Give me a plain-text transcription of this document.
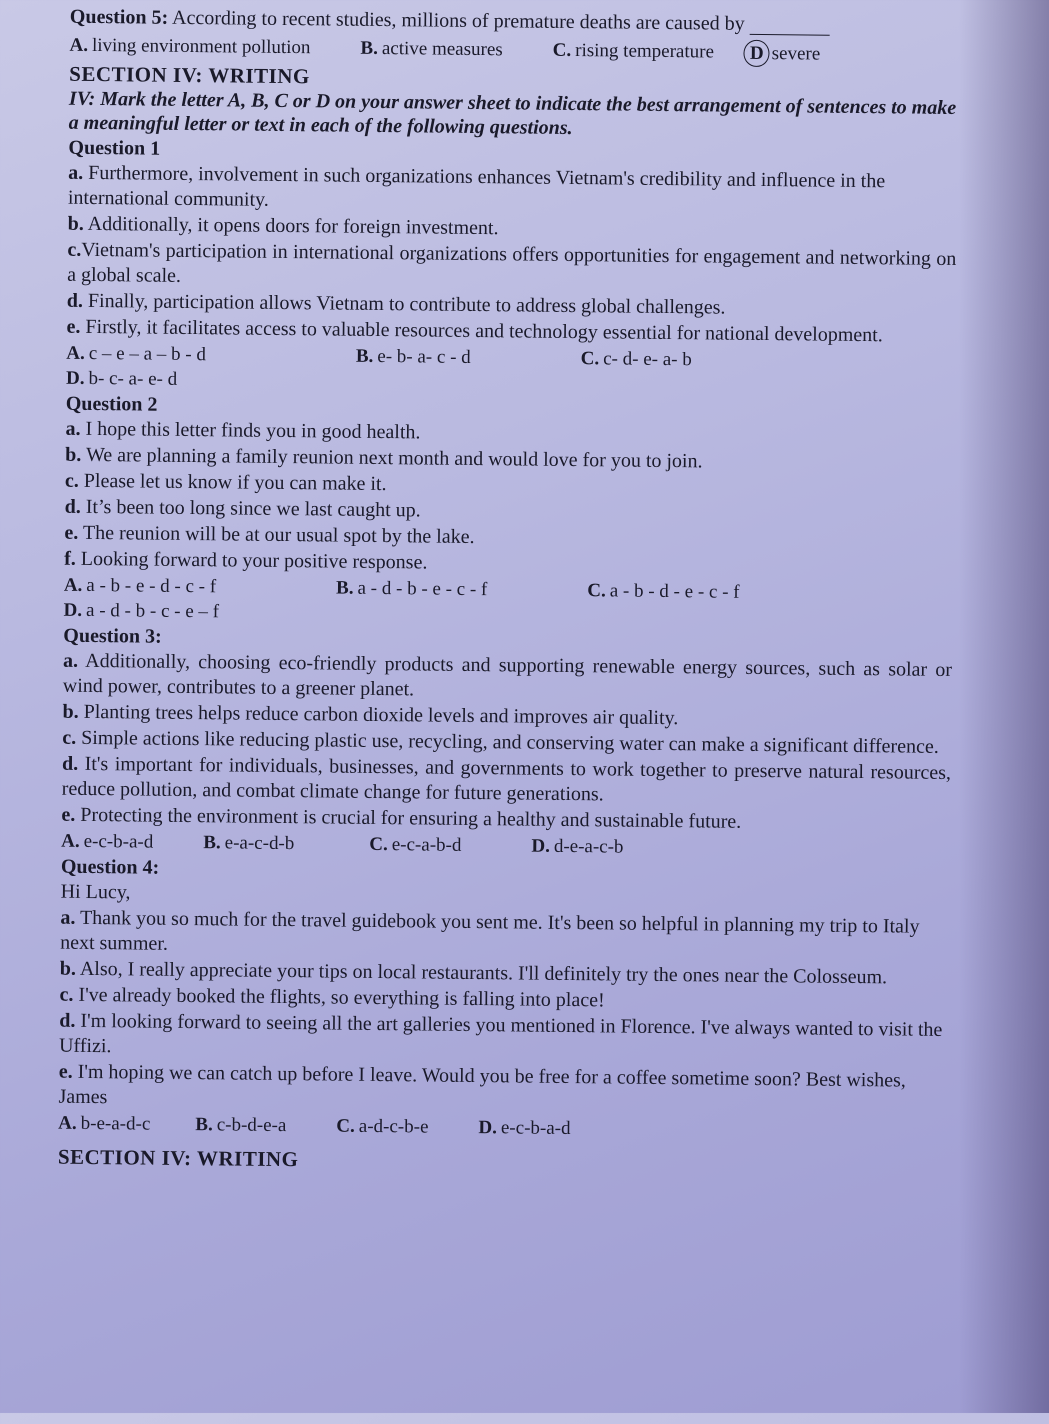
Question 5: According to recent studies, millions of premature deaths are caused by

A. living environment pollution	B. active measures	C. rising temperature	D severe
SECTION IV: WRITING
IV: Mark the letter A, B, C or D on your answer sheet to indicate the best arrangement of sentences to make a meaningful letter or text in each of the following questions.
Question 1

a. Furthermore, involvement in such organizations enhances Vietnam's credibility and influence in the international community.

b. Additionally, it opens doors for foreign investment.

c.Vietnam's participation in international organizations offers opportunities for engagement and networking on a global scale.

d. Finally, participation allows Vietnam to contribute to address global challenges.

e. Firstly, it facilitates access to valuable resources and technology essential for national development.

A. c – e – a – b - d	B. e- b- a- c - d	C. c- d- e- a- b
D. b- c- a- e- d
Question 2

a. I hope this letter finds you in good health.

b. We are planning a family reunion next month and would love for you to join.

c. Please let us know if you can make it.

d. It’s been too long since we last caught up.

e. The reunion will be at our usual spot by the lake.

f. Looking forward to your positive response.

A. a - b - e - d - c - f	B. a - d - b - e - c - f	C. a - b - d - e - c - f
D. a - d - b - c - e – f
Question 3:

a. Additionally, choosing eco-friendly products and supporting renewable energy sources, such as solar or wind power, contributes to a greener planet.

b. Planting trees helps reduce carbon dioxide levels and improves air quality.

c. Simple actions like reducing plastic use, recycling, and conserving water can make a significant difference.

d. It's important for individuals, businesses, and governments to work together to preserve natural resources, reduce pollution, and combat climate change for future generations.

e. Protecting the environment is crucial for ensuring a healthy and sustainable future.

A. e-c-b-a-d	B. e-a-c-d-b	C. e-c-a-b-d	D. d-e-a-c-b
Question 4:

Hi Lucy,

a. Thank you so much for the travel guidebook you sent me. It's been so helpful in planning my trip to Italy next summer.

b. Also, I really appreciate your tips on local restaurants. I'll definitely try the ones near the Colosseum.

c. I've already booked the flights, so everything is falling into place!

d. I'm looking forward to seeing all the art galleries you mentioned in Florence. I've always wanted to visit the Uffizi.

e. I'm hoping we can catch up before I leave. Would you be free for a coffee sometime soon? Best wishes, James

A. b-e-a-d-c B. c-b-d-e-a	C. a-d-c-b-e	D. e-c-b-a-d
SECTION IV: WRITING
